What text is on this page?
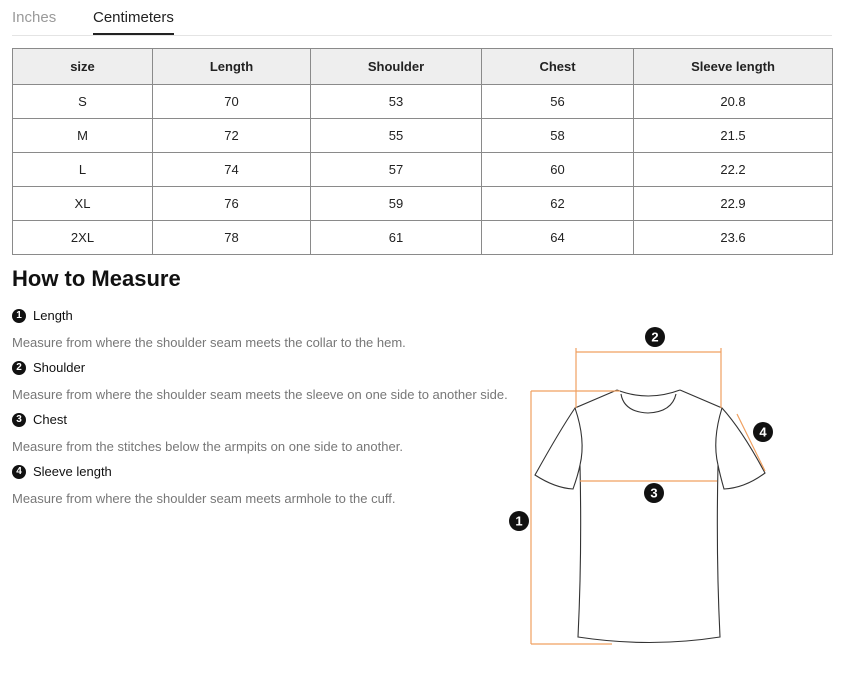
Inches Centimeters
size	Length	Shoulder	Chest	Sleeve length
S	70	53	56	20.8
M	72	55	58	21.5
L	74	57	60	22.2
XL	76	59	62	22.9
2XL	78	61	64	23.6
How to Measure
1 Length
Measure from where the shoulder seam meets the collar to the hem.
2 Shoulder
Measure from where the shoulder seam meets the sleeve on one side to another side.
3 Chest
Measure from the stitches below the armpits on one side to another.
4 Sleeve length
Measure from where the shoulder seam meets armhole to the cuff.
1
2
3
4
